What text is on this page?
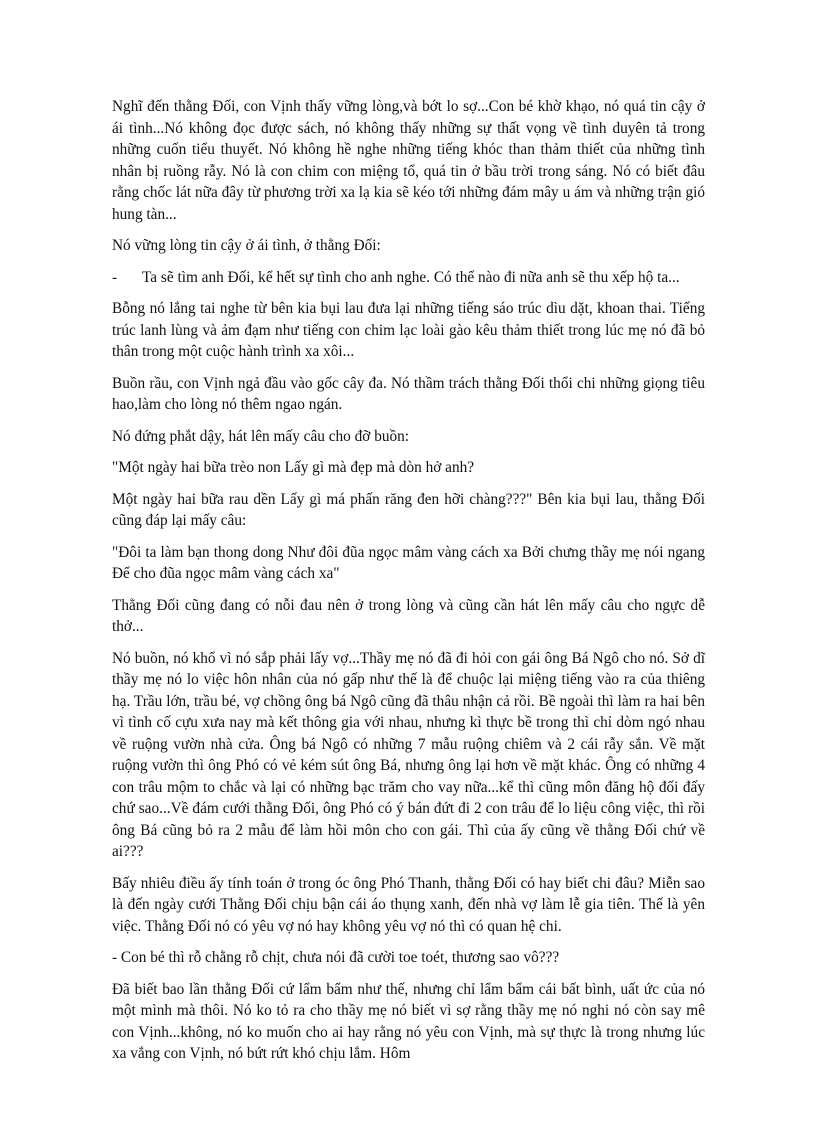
Nghĩ đến thằng Đối, con Vịnh thấy vững lòng,và bớt lo sợ...Con bé khờ khạo, nó quá tin cậy ở ái tình...Nó không đọc được sách, nó không thấy những sự thất vọng về tình duyên tả trong những cuốn tiểu thuyết. Nó không hề nghe những tiếng khóc than thảm thiết của những tình nhân bị ruồng rẫy. Nó là con chim con miệng tổ, quá tin ở bầu trời trong sáng. Nó có biết đâu rằng chốc lát nữa đây từ phương trời xa lạ kia sẽ kéo tới những đám mây u ám và những trận gió hung tàn...

Nó vững lòng tin cậy ở ái tình, ở thằng Đối:

-	Ta sẽ tìm anh Đối, kể hết sự tình cho anh nghe. Có thế nào đi nữa anh sẽ thu xếp hộ ta...

Bỗng nó lắng tai nghe từ bên kia bụi lau đưa lại những tiếng sáo trúc dìu dặt, khoan thai. Tiếng trúc lanh lùng và ảm đạm như tiếng con chim lạc loài gào kêu thảm thiết trong lúc mẹ nó đã bỏ thân trong một cuộc hành trình xa xôi...

Buồn rầu, con Vịnh ngả đầu vào gốc cây đa. Nó thầm trách thằng Đối thổi chi những giọng tiêu hao,làm cho lòng nó thêm ngao ngán.

Nó đứng phắt dậy, hát lên mấy câu cho đỡ buồn:

"Một ngày hai bữa trèo non Lấy gì mà đẹp mà dòn hở anh?

Một ngày hai bữa rau dền Lấy gì má phấn răng đen hỡi chàng???" Bên kia bụi lau, thằng Đối cũng đáp lại mấy câu:

"Đôi ta làm bạn thong dong Như đôi đũa ngọc mâm vàng cách xa Bởi chưng thầy mẹ nói ngang Để cho đũa ngọc mâm vàng cách xa"

Thằng Đối cũng đang có nỗi đau nên ở trong lòng và cũng cần hát lên mấy câu cho ngực dễ thở...

Nó buồn, nó khổ vì nó sắp phải lấy vợ...Thầy mẹ nó đã đi hỏi con gái ông Bá Ngô cho nó. Sở dĩ thầy mẹ nó lo việc hôn nhân của nó gấp như thế là để chuộc lại miệng tiếng vào ra của thiêng hạ. Trầu lớn, trầu bé, vợ chồng ông bá Ngô cũng đã thâu nhận cả rồi. Bề ngoài thì làm ra hai bên vì tình cố cựu xưa nay mà kết thông gia với nhau, nhưng kì thực bề trong thì chỉ dòm ngó nhau về ruộng vườn nhà cửa. Ông bá Ngô có những 7 mẫu ruộng chiêm và 2 cái rẫy sắn. Về mặt ruộng vườn thì ông Phó có vẻ kém sút ông Bá, nhưng ông lại hơn về mặt khác. Ông có những 4 con trâu mộm to chắc và lại có những bạc trăm cho vay nữa...kể thì cũng môn đăng hộ đối đấy chứ sao...Về đám cưới thằng Đối, ông Phó có ý bán đứt đi 2 con trâu để lo liệu công việc, thì rồi ông Bá cũng bỏ ra 2 mẫu để làm hồi môn cho con gái. Thì của ấy cũng về thằng Đối chứ về ai???

Bấy nhiêu điều ấy tính toán ở trong óc ông Phó Thanh, thằng Đối có hay biết chi đâu? Miễn sao là đến ngày cưới Thằng Đối chịu bận cái áo thụng xanh, đến nhà vợ làm lễ gia tiên. Thế là yên việc. Thằng Đối nó có yêu vợ nó hay không yêu vợ nó thì có quan hệ chi.

- Con bé thì rỗ chằng rỗ chịt, chưa nói đã cười toe toét, thương sao vô???

Đã biết bao lần thằng Đối cứ lẩm bẩm như thế, nhưng chỉ lẩm bẩm cái bất bình, uất ức của nó một mình mà thôi. Nó ko tỏ ra cho thầy mẹ nó biết vì sợ rằng thầy mẹ nó nghi nó còn say mê con Vịnh...không, nó ko muốn cho ai hay rằng nó yêu con Vịnh, mà sự thực là trong nhưng lúc xa vắng con Vịnh, nó bứt rứt khó chịu lắm. Hôm
